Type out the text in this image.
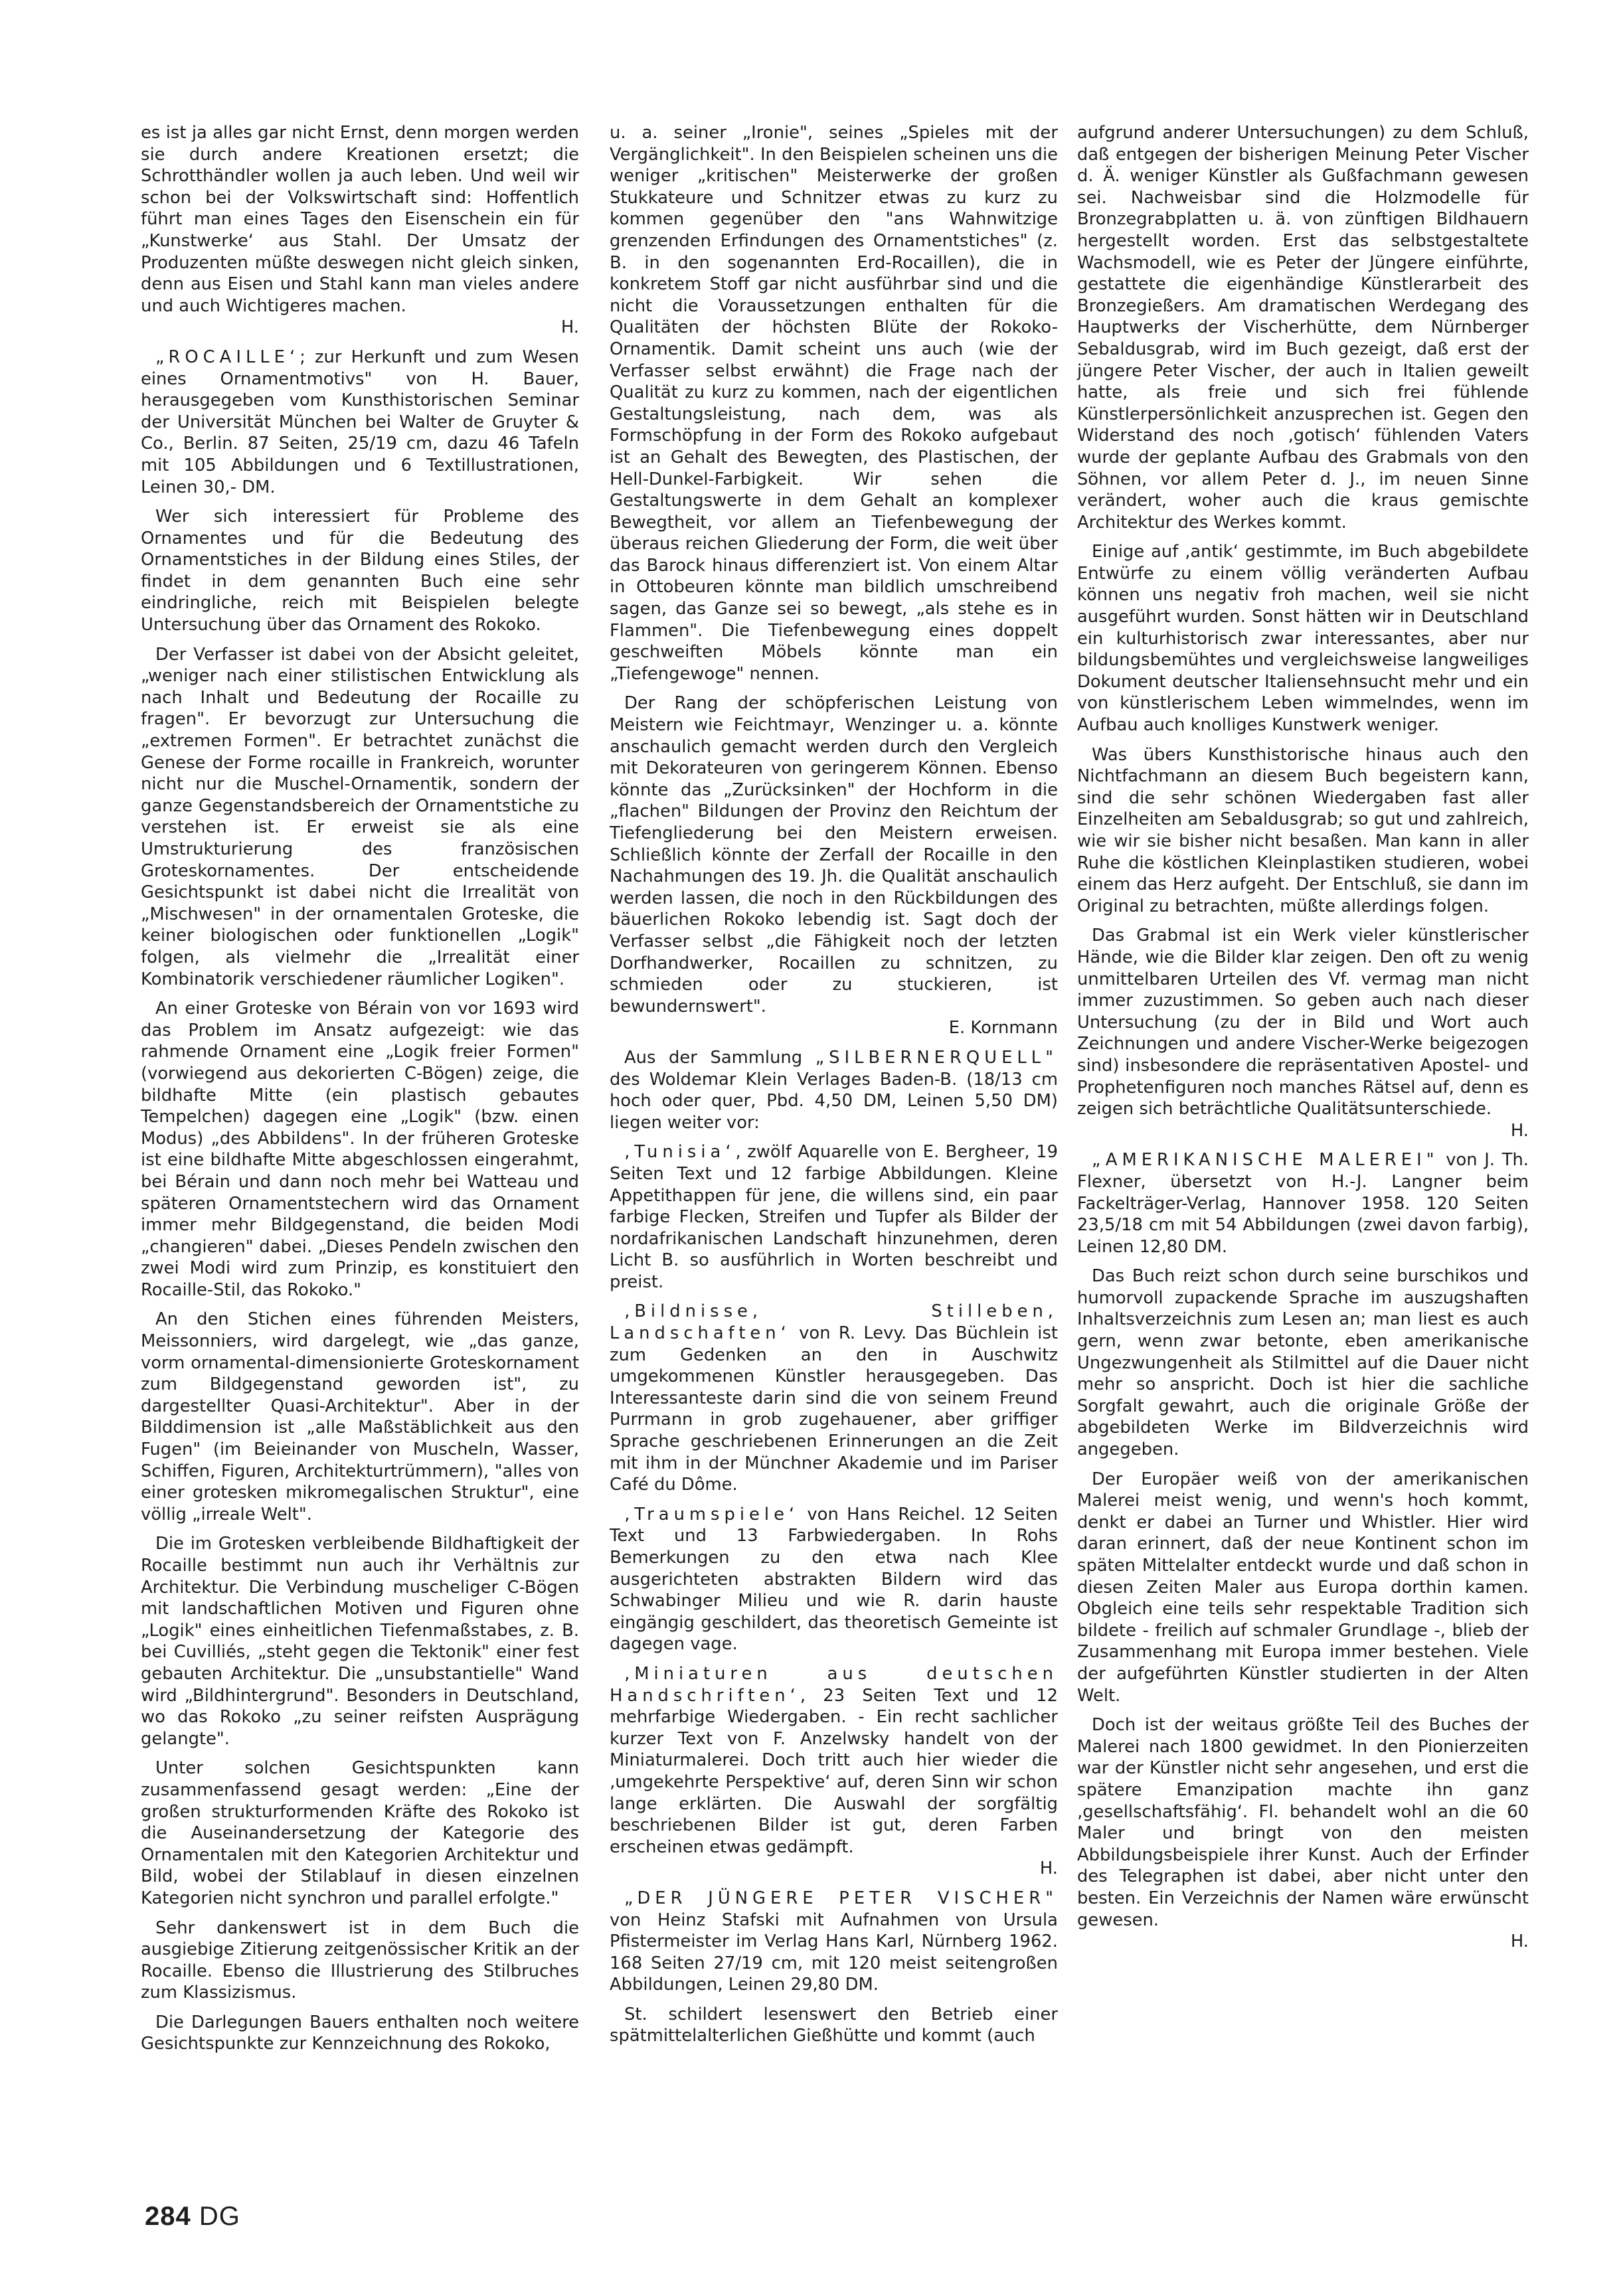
es ist ja alles gar nicht Ernst, denn morgen werden sie durch andere Kreationen ersetzt; die Schrotthändler wollen ja auch leben. Und weil wir schon bei der Volkswirtschaft sind: Hoffentlich führt man eines Tages den Eisenschein ein für „Kunstwerke‘ aus Stahl. Der Umsatz der Produzenten müßte deswegen nicht gleich sinken, denn aus Eisen und Stahl kann man vieles andere und auch Wichtigeres machen.

H.

„ROCAILLE‘; zur Herkunft und zum Wesen eines Ornamentmotivs" von H. Bauer, herausgegeben vom Kunsthistorischen Seminar der Universität München bei Walter de Gruyter & Co., Berlin. 87 Seiten, 25/19 cm, dazu 46 Tafeln mit 105 Abbildungen und 6 Textillustrationen, Leinen 30,- DM.

Wer sich interessiert für Probleme des Ornamentes und für die Bedeutung des Ornamentstiches in der Bildung eines Stiles, der findet in dem genannten Buch eine sehr eindringliche, reich mit Beispielen belegte Untersuchung über das Ornament des Rokoko.

Der Verfasser ist dabei von der Absicht geleitet, „weniger nach einer stilistischen Entwicklung als nach Inhalt und Bedeutung der Rocaille zu fragen". Er bevorzugt zur Untersuchung die „extremen Formen". Er betrachtet zunächst die Genese der Forme rocaille in Frankreich, worunter nicht nur die Muschel-Ornamentik, sondern der ganze Gegenstandsbereich der Ornamentstiche zu verstehen ist. Er erweist sie als eine Umstrukturierung des französischen Groteskornamentes. Der entscheidende Gesichtspunkt ist dabei nicht die Irrealität von „Mischwesen" in der ornamentalen Groteske, die keiner biologischen oder funktionellen „Logik" folgen, als vielmehr die „Irrealität einer Kombinatorik verschiedener räumlicher Logiken".

An einer Groteske von Bérain von vor 1693 wird das Problem im Ansatz aufgezeigt: wie das rahmende Ornament eine „Logik freier Formen" (vorwiegend aus dekorierten C-Bögen) zeige, die bildhafte Mitte (ein plastisch gebautes Tempelchen) dagegen eine „Logik" (bzw. einen Modus) „des Abbildens". In der früheren Groteske ist eine bildhafte Mitte abgeschlossen eingerahmt, bei Bérain und dann noch mehr bei Watteau und späteren Ornamentstechern wird das Ornament immer mehr Bildgegenstand, die beiden Modi „changieren" dabei. „Dieses Pendeln zwischen den zwei Modi wird zum Prinzip, es konstituiert den Rocaille-Stil, das Rokoko."

An den Stichen eines führenden Meisters, Meissonniers, wird dargelegt, wie „das ganze, vorm ornamental-dimensionierte Groteskornament zum Bildgegenstand geworden ist", zu dargestellter Quasi-Architektur". Aber in der Bilddimension ist „alle Maßstäblichkeit aus den Fugen" (im Beieinander von Muscheln, Wasser, Schiffen, Figuren, Architekturtrümmern), "alles von einer grotesken mikromegalischen Struktur", eine völlig „irreale Welt".

Die im Grotesken verbleibende Bildhaftigkeit der Rocaille bestimmt nun auch ihr Verhältnis zur Architektur. Die Verbindung muscheliger C-Bögen mit landschaftlichen Motiven und Figuren ohne „Logik" eines einheitlichen Tiefenmaßstabes, z. B. bei Cuvilliés, „steht gegen die Tektonik" einer fest gebauten Architektur. Die „unsubstantielle" Wand wird „Bildhintergrund". Besonders in Deutschland, wo das Rokoko „zu seiner reifsten Ausprägung gelangte".

Unter solchen Gesichtspunkten kann zusammenfassend gesagt werden: „Eine der großen strukturformenden Kräfte des Rokoko ist die Auseinandersetzung der Kategorie des Ornamentalen mit den Kategorien Architektur und Bild, wobei der Stilablauf in diesen einzelnen Kategorien nicht synchron und parallel erfolgte."

Sehr dankenswert ist in dem Buch die ausgiebige Zitierung zeitgenössischer Kritik an der Rocaille. Ebenso die Illustrierung des Stilbruches zum Klassizismus.

Die Darlegungen Bauers enthalten noch weitere Gesichtspunkte zur Kennzeichnung des Rokoko,

u. a. seiner „Ironie", seines „Spieles mit der Vergänglichkeit". In den Beispielen scheinen uns die weniger „kritischen" Meisterwerke der großen Stukkateure und Schnitzer etwas zu kurz zu kommen gegenüber den "ans Wahnwitzige grenzenden Erfindungen des Ornamentstiches" (z. B. in den sogenannten Erd-Rocaillen), die in konkretem Stoff gar nicht ausführbar sind und die nicht die Voraussetzungen enthalten für die Qualitäten der höchsten Blüte der Rokoko-Ornamentik. Damit scheint uns auch (wie der Verfasser selbst erwähnt) die Frage nach der Qualität zu kurz zu kommen, nach der eigentlichen Gestaltungsleistung, nach dem, was als Formschöpfung in der Form des Rokoko aufgebaut ist an Gehalt des Bewegten, des Plastischen, der Hell-Dunkel-Farbigkeit. Wir sehen die Gestaltungswerte in dem Gehalt an komplexer Bewegtheit, vor allem an Tiefenbewegung der überaus reichen Gliederung der Form, die weit über das Barock hinaus differenziert ist. Von einem Altar in Ottobeuren könnte man bildlich umschreibend sagen, das Ganze sei so bewegt, „als stehe es in Flammen". Die Tiefenbewegung eines doppelt geschweiften Möbels könnte man ein „Tiefengewoge" nennen.

Der Rang der schöpferischen Leistung von Meistern wie Feichtmayr, Wenzinger u. a. könnte anschaulich gemacht werden durch den Vergleich mit Dekorateuren von geringerem Können. Ebenso könnte das „Zurücksinken" der Hochform in die „flachen" Bildungen der Provinz den Reichtum der Tiefengliederung bei den Meistern erweisen. Schließlich könnte der Zerfall der Rocaille in den Nachahmungen des 19. Jh. die Qualität anschaulich werden lassen, die noch in den Rückbildungen des bäuerlichen Rokoko lebendig ist. Sagt doch der Verfasser selbst „die Fähigkeit noch der letzten Dorfhandwerker, Rocaillen zu schnitzen, zu schmieden oder zu stuckieren, ist bewundernswert".

E. Kornmann

Aus der Sammlung „SILBERNERQUELL" des Woldemar Klein Verlages Baden-B. (18/13 cm hoch oder quer, Pbd. 4,50 DM, Leinen 5,50 DM) liegen weiter vor:

‚Tunisia‘, zwölf Aquarelle von E. Bergheer, 19 Seiten Text und 12 farbige Abbildungen. Kleine Appetithappen für jene, die willens sind, ein paar farbige Flecken, Streifen und Tupfer als Bilder der nordafrikanischen Landschaft hinzunehmen, deren Licht B. so ausführlich in Worten beschreibt und preist.

‚Bildnisse, Stilleben, Landschaften‘ von R. Levy. Das Büchlein ist zum Gedenken an den in Auschwitz umgekommenen Künstler herausgegeben. Das Interessanteste darin sind die von seinem Freund Purrmann in grob zugehauener, aber griffiger Sprache geschriebenen Erinnerungen an die Zeit mit ihm in der Münchner Akademie und im Pariser Café du Dôme.

‚Traumspiele‘ von Hans Reichel. 12 Seiten Text und 13 Farbwiedergaben. In Rohs Bemerkungen zu den etwa nach Klee ausgerichteten abstrakten Bildern wird das Schwabinger Milieu und wie R. darin hauste eingängig geschildert, das theoretisch Gemeinte ist dagegen vage.

‚Miniaturen aus deutschen Handschriften‘, 23 Seiten Text und 12 mehrfarbige Wiedergaben. - Ein recht sachlicher kurzer Text von F. Anzelwsky handelt von der Miniaturmalerei. Doch tritt auch hier wieder die ‚umgekehrte Perspektive‘ auf, deren Sinn wir schon lange erklärten. Die Auswahl der sorgfältig beschriebenen Bilder ist gut, deren Farben erscheinen etwas gedämpft.

H.

„DER JÜNGERE PETER VISCHER" von Heinz Stafski mit Aufnahmen von Ursula Pfistermeister im Verlag Hans Karl, Nürnberg 1962. 168 Seiten 27/19 cm, mit 120 meist seitengroßen Abbildungen, Leinen 29,80 DM.

St. schildert lesenswert den Betrieb einer spätmittelalterlichen Gießhütte und kommt (auch

aufgrund anderer Untersuchungen) zu dem Schluß, daß entgegen der bisherigen Meinung Peter Vischer d. Ä. weniger Künstler als Gußfachmann gewesen sei. Nachweisbar sind die Holzmodelle für Bronzegrabplatten u. ä. von zünftigen Bildhauern hergestellt worden. Erst das selbstgestaltete Wachsmodell, wie es Peter der Jüngere einführte, gestattete die eigenhändige Künstlerarbeit des Bronzegießers. Am dramatischen Werdegang des Hauptwerks der Vischerhütte, dem Nürnberger Sebaldusgrab, wird im Buch gezeigt, daß erst der jüngere Peter Vischer, der auch in Italien geweilt hatte, als freie und sich frei fühlende Künstlerpersönlichkeit anzusprechen ist. Gegen den Widerstand des noch ‚gotisch‘ fühlenden Vaters wurde der geplante Aufbau des Grabmals von den Söhnen, vor allem Peter d. J., im neuen Sinne verändert, woher auch die kraus gemischte Architektur des Werkes kommt.

Einige auf ‚antik‘ gestimmte, im Buch abgebildete Entwürfe zu einem völlig veränderten Aufbau können uns negativ froh machen, weil sie nicht ausgeführt wurden. Sonst hätten wir in Deutschland ein kulturhistorisch zwar interessantes, aber nur bildungsbemühtes und vergleichsweise langweiliges Dokument deutscher Italiensehnsucht mehr und ein von künstlerischem Leben wimmelndes, wenn im Aufbau auch knolliges Kunstwerk weniger.

Was übers Kunsthistorische hinaus auch den Nichtfachmann an diesem Buch begeistern kann, sind die sehr schönen Wiedergaben fast aller Einzelheiten am Sebaldusgrab; so gut und zahlreich, wie wir sie bisher nicht besaßen. Man kann in aller Ruhe die köstlichen Kleinplastiken studieren, wobei einem das Herz aufgeht. Der Entschluß, sie dann im Original zu betrachten, müßte allerdings folgen.

Das Grabmal ist ein Werk vieler künstlerischer Hände, wie die Bilder klar zeigen. Den oft zu wenig unmittelbaren Urteilen des Vf. vermag man nicht immer zuzustimmen. So geben auch nach dieser Untersuchung (zu der in Bild und Wort auch Zeichnungen und andere Vischer-Werke beigezogen sind) insbesondere die repräsentativen Apostel- und Prophetenfiguren noch manches Rätsel auf, denn es zeigen sich beträchtliche Qualitätsunterschiede.

H.

„AMERIKANISCHE MALEREI" von J. Th. Flexner, übersetzt von H.-J. Langner beim Fackelträger-Verlag, Hannover 1958. 120 Seiten 23,5/18 cm mit 54 Abbildungen (zwei davon farbig), Leinen 12,80 DM.

Das Buch reizt schon durch seine burschikos und humorvoll zupackende Sprache im auszugshaften Inhaltsverzeichnis zum Lesen an; man liest es auch gern, wenn zwar betonte, eben amerikanische Ungezwungenheit als Stilmittel auf die Dauer nicht mehr so anspricht. Doch ist hier die sachliche Sorgfalt gewahrt, auch die originale Größe der abgebildeten Werke im Bildverzeichnis wird angegeben.

Der Europäer weiß von der amerikanischen Malerei meist wenig, und wenn's hoch kommt, denkt er dabei an Turner und Whistler. Hier wird daran erinnert, daß der neue Kontinent schon im späten Mittelalter entdeckt wurde und daß schon in diesen Zeiten Maler aus Europa dorthin kamen. Obgleich eine teils sehr respektable Tradition sich bildete - freilich auf schmaler Grundlage -, blieb der Zusammenhang mit Europa immer bestehen. Viele der aufgeführten Künstler studierten in der Alten Welt.

Doch ist der weitaus größte Teil des Buches der Malerei nach 1800 gewidmet. In den Pionierzeiten war der Künstler nicht sehr angesehen, und erst die spätere Emanzipation machte ihn ganz ‚gesellschaftsfähig‘. Fl. behandelt wohl an die 60 Maler und bringt von den meisten Abbildungsbeispiele ihrer Kunst. Auch der Erfinder des Telegraphen ist dabei, aber nicht unter den besten. Ein Verzeichnis der Namen wäre erwünscht gewesen.

H.

284 DG
